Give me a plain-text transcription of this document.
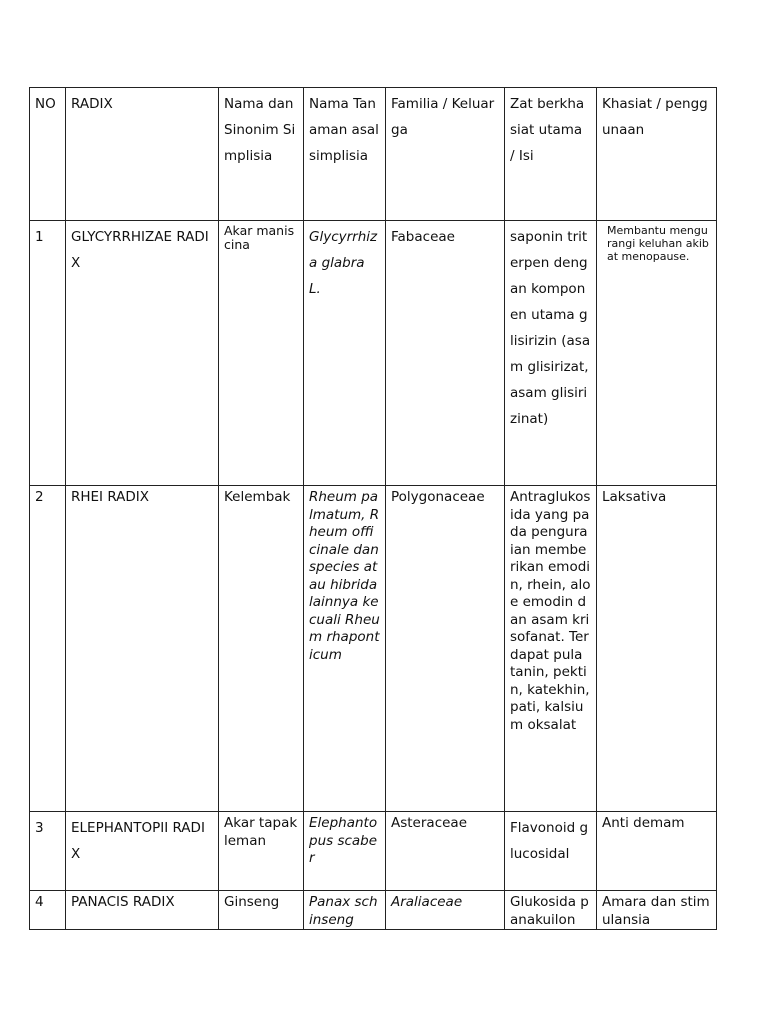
NO	RADIX	Nama dan Sinonim Simplisia	Nama Tanaman asal simplisia	Familia / Keluarga	Zat berkhasiat utama / Isi	Khasiat / penggunaan
1	GLYCYRRHIZAE RADIX	Akar manis cina	Glycyrrhiza glabra L.	Fabaceae	saponin triterpen dengan komponen utama glisirizin (asam glisirizat, asam glisirizinat)	Membantu mengurangi keluhan akibat menopause.
2	RHEI RADIX	Kelembak	Rheum palmatum, Rheum officinale dan species atau hibrida lainnya kecuali Rheum rhaponticum	Polygonaceae	Antraglukosida yang pada penguraian memberikan emodin, rhein, aloe emodin dan asam krisofanat. Terdapat pula tanin, pektin, katekhin, pati, kalsium oksalat	Laksativa
3	ELEPHANTOPII RADIX	Akar tapak leman	Elephantopus scaber	Asteraceae	Flavonoid glucosidal	Anti demam
4	PANACIS RADIX	Ginseng	Panax schinseng	Araliaceae	Glukosida panakuilon	Amara dan stimulansia
